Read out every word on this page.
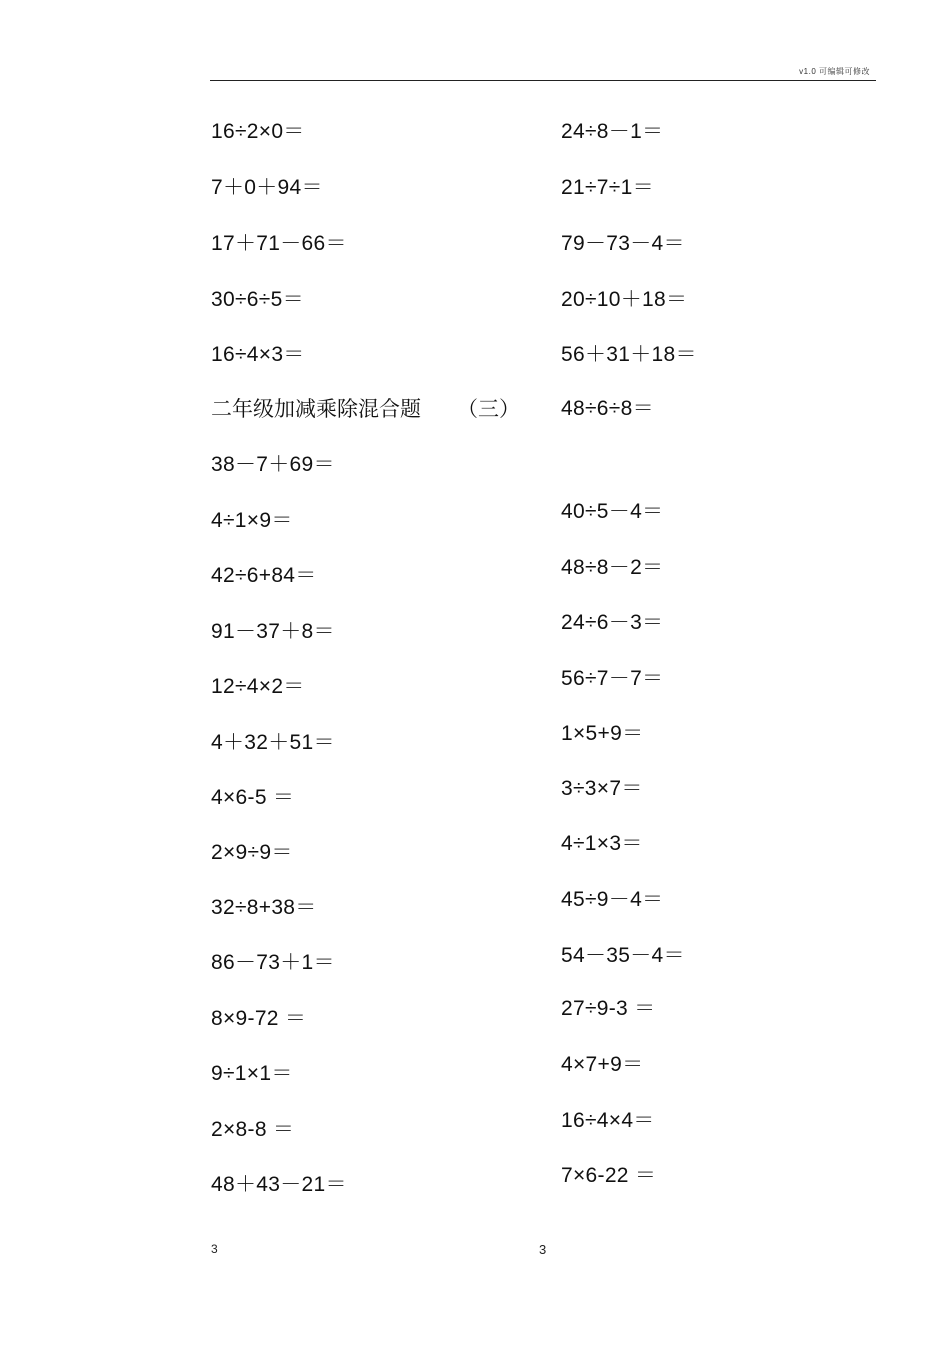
v1.0 可编辑可修改
16÷2×0＝
7＋0＋94＝
17＋71－66＝
30÷6÷5＝
16÷4×3＝
二年级加减乘除混合题 （三）
38－7＋69＝
4÷1×9＝
42÷6+84＝
91－37＋8＝
12÷4×2＝
4＋32＋51＝
4×6-5 ＝
2×9÷9＝
32÷8+38＝
86－73＋1＝
8×9-72 ＝
9÷1×1＝
2×8-8 ＝
48＋43－21＝
24÷8－1＝
21÷7÷1＝
79－73－4＝
20÷10＋18＝
56＋31＋18＝
48÷6÷8＝
40÷5－4＝
48÷8－2＝
24÷6－3＝
56÷7－7＝
1×5+9＝
3÷3×7＝
4÷1×3＝
45÷9－4＝
54－35－4＝
27÷9-3 ＝
4×7+9＝
16÷4×4＝
7×6-22 ＝
3	3
